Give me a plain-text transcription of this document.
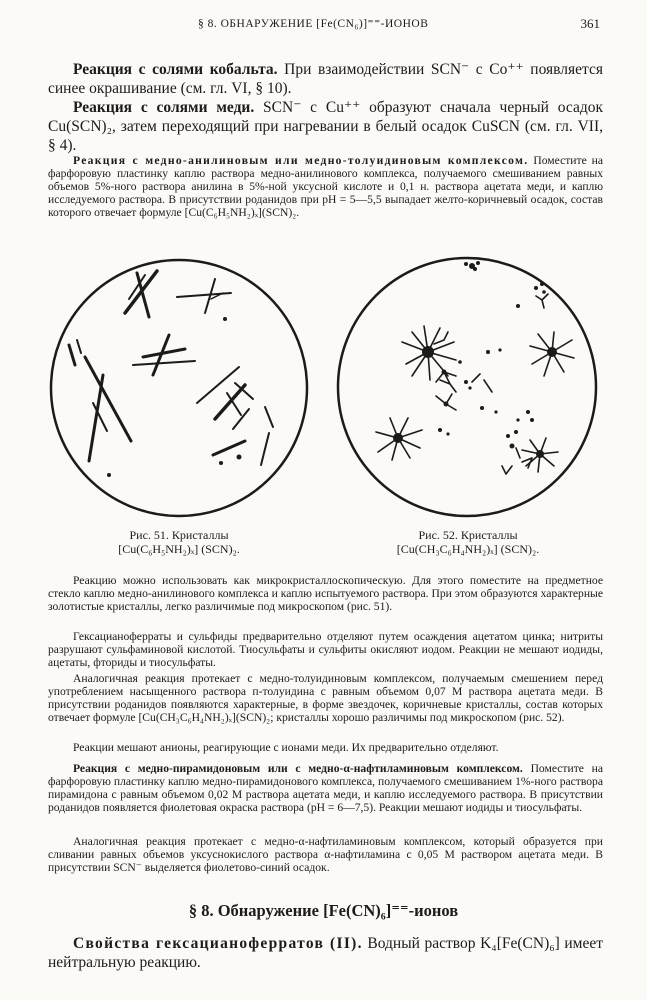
§ 8. ОБНАРУЖЕНИЕ [Fe(CN₆)]⁼⁼-ИОНОВ	361
Реакция с солями кобальта. При взаимодействии SCN⁻ с Co⁺⁺ появляется синее окрашивание (см. гл. VI, § 10).
Реакция с солями меди. SCN⁻ с Cu⁺⁺ образуют сначала черный осадок Cu(SCN)₂, затем переходящий при нагревании в белый осадок CuSCN (см. гл. VII, § 4).
Реакция с медно-анилиновым или медно-толуидиновым комплексом. Поместите на фарфоровую пластинку каплю раствора медно-анилинового комплекса, получаемого смешиванием равных объемов 5%-ного раствора анилина в 5%-ной уксусной кислоте и 0,1 н. раствора ацетата меди, и каплю исследуемого раствора. В присутствии роданидов при pH = 5—5,5 выпадает желто-коричневый осадок, состав которого отвечает формуле [Cu(C₆H₅NH₂)ₓ](SCN)₂.
Рис. 51. Кристаллы
[Cu(C₆H₅NH₂)ₓ] (SCN)₂.
Рис. 52. Кристаллы
[Cu(CH₃C₆H₄NH₂)ₓ] (SCN)₂.
Реакцию можно использовать как микрокристаллоскопическую. Для этого поместите на предметное стекло каплю медно-анилинового комплекса и каплю испытуемого раствора. При этом образуются характерные золотистые кристаллы, легко различимые под микроскопом (рис. 51).
Гексацианоферраты и сульфиды предварительно отделяют путем осаждения ацетатом цинка; нитриты разрушают сульфаминовой кислотой. Тиосульфаты и сульфиты окисляют иодом. Реакции не мешают иодиды, ацетаты, фториды и тиосульфаты.
Аналогичная реакция протекает с медно-толуидиновым комплексом, получаемым смешением перед употреблением насыщенного раствора п-толуидина с равным объемом 0,07 М раствора ацетата меди. В присутствии роданидов появляются характерные, в форме звездочек, коричневые кристаллы, состав которых отвечает формуле [Cu(CH₃C₆H₄NH₂)ₓ](SCN)₂; кристаллы хорошо различимы под микроскопом (рис. 52).
Реакции мешают анионы, реагирующие с ионами меди. Их предварительно отделяют.
Реакция с медно-пирамидоновым или с медно-α-нафтиламиновым комплексом. Поместите на фарфоровую пластинку каплю медно-пирамидонового комплекса, получаемого смешиванием 1%-ного раствора пирамидона с равным объемом 0,02 М раствора ацетата меди, и каплю исследуемого раствора. В присутствии роданидов появляется фиолетовая окраска раствора (pH = 6—7,5). Реакции мешают иодиды и тиосульфаты.
Аналогичная реакция протекает с медно-α-нафтиламиновым комплексом, который образуется при сливании равных объемов уксуснокислого раствора α-нафтиламина с 0,05 М раствором ацетата меди. В присутствии SCN⁻ выделяется фиолетово-синий осадок.
§ 8. Обнаружение [Fe(CN)₆]⁼⁼-ионов
Свойства гексацианоферратов (II). Водный раствор K₄[Fe(CN)₆] имеет нейтральную реакцию.
